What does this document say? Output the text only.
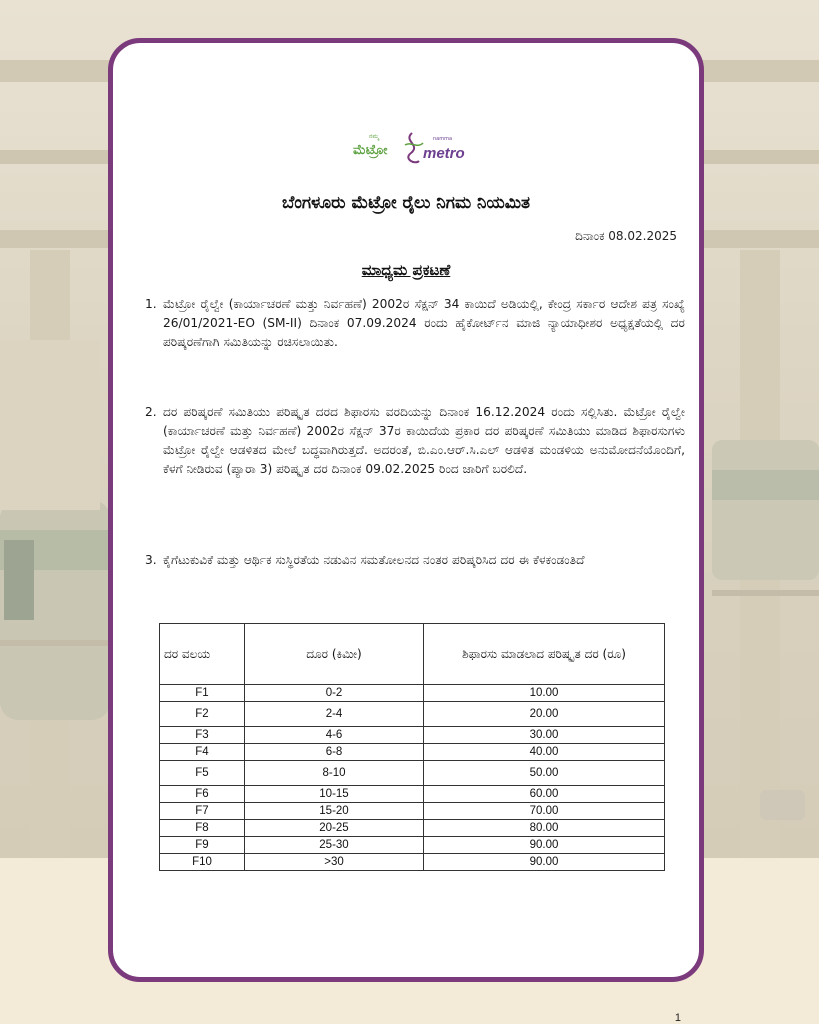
ನಮ್ಮ
ಮೆಟ್ರೋ
namma
metro
ಬೆಂಗಳೂರು ಮೆಟ್ರೋ ರೈಲು ನಿಗಮ ನಿಯಮಿತ
ದಿನಾಂಕ 08.02.2025
ಮಾಧ್ಯಮ ಪ್ರಕಟಣೆ
1. ಮೆಟ್ರೋ ರೈಲ್ವೇ (ಕಾರ್ಯಾಚರಣೆ ಮತ್ತು ನಿರ್ವಹಣೆ) 2002ರ ಸೆಕ್ಷನ್ 34 ಕಾಯಿದೆ ಅಡಿಯಲ್ಲಿ, ಕೇಂದ್ರ ಸರ್ಕಾರ ಆದೇಶ ಪತ್ರ ಸಂಖ್ಯೆ 26/01/2021-EO (SM-II) ದಿನಾಂಕ 07.09.2024 ರಂದು ಹೈಕೋರ್ಟ್‌ನ ಮಾಜಿ ನ್ಯಾಯಾಧೀಶರ ಅಧ್ಯಕ್ಷತೆಯಲ್ಲಿ ದರ ಪರಿಷ್ಕರಣೆಗಾಗಿ ಸಮಿತಿಯನ್ನು ರಚಿಸಲಾಯಿತು.
2. ದರ ಪರಿಷ್ಕರಣೆ ಸಮಿತಿಯು ಪರಿಷ್ಕೃತ ದರದ ಶಿಫಾರಸು ವರದಿಯನ್ನು ದಿನಾಂಕ 16.12.2024 ರಂದು ಸಲ್ಲಿಸಿತು. ಮೆಟ್ರೋ ರೈಲ್ವೇ (ಕಾರ್ಯಾಚರಣೆ ಮತ್ತು ನಿರ್ವಹಣೆ) 2002ರ ಸೆಕ್ಷನ್ 37ರ ಕಾಯಿದೆಯ ಪ್ರಕಾರ ದರ ಪರಿಷ್ಕರಣೆ ಸಮಿತಿಯು ಮಾಡಿದ ಶಿಫಾರಸುಗಳು ಮೆಟ್ರೋ ರೈಲ್ವೇ ಆಡಳಿತದ ಮೇಲೆ ಬದ್ಧವಾಗಿರುತ್ತದೆ. ಅದರಂತೆ, ಬಿ.ಎಂ.ಆರ್.ಸಿ.ಎಲ್ ಆಡಳಿತ ಮಂಡಳಿಯ ಅನುಮೋದನೆಯೊಂದಿಗೆ, ಕೆಳಗೆ ನೀಡಿರುವ (ಪ್ಯಾರಾ 3) ಪರಿಷ್ಕೃತ ದರ ದಿನಾಂಕ 09.02.2025 ರಿಂದ ಜಾರಿಗೆ ಬರಲಿದೆ.
3. ಕೈಗೆಟುಕುವಿಕೆ ಮತ್ತು ಆರ್ಥಿಕ ಸುಸ್ಥಿರತೆಯ ನಡುವಿನ ಸಮತೋಲನದ ನಂತರ ಪರಿಷ್ಕರಿಸಿದ ದರ ಈ ಕೆಳಕಂಡಂತಿದೆ
ದರ ವಲಯ	ದೂರ (ಕಿಮೀ)	ಶಿಫಾರಸು ಮಾಡಲಾದ ಪರಿಷ್ಕೃತ ದರ (ರೂ)
F1	0-2	10.00
F2	2-4	20.00
F3	4-6	30.00
F4	6-8	40.00
F5	8-10	50.00
F6	10-15	60.00
F7	15-20	70.00
F8	20-25	80.00
F9	25-30	90.00
F10	>30	90.00
1
